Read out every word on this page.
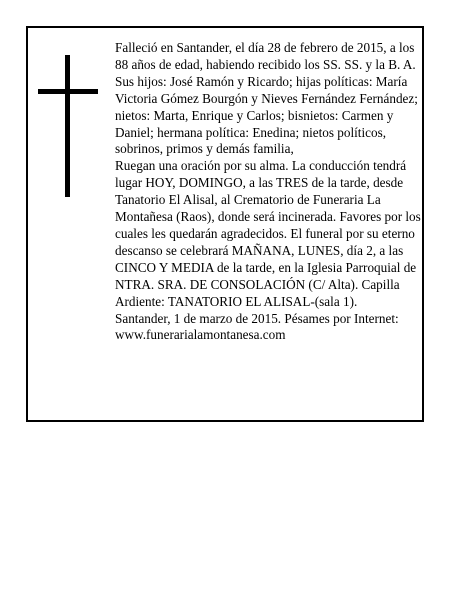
Falleció en Santander, el día 28 de febrero de 2015, a los 88 años de edad, habiendo recibido los SS. SS. y la B. A.

Sus hijos: José Ramón y Ricardo; hijas políticas: María Victoria Gómez Bourgón y Nieves Fernández Fernández; nietos: Marta, Enrique y Carlos; bisnietos: Carmen y Daniel; hermana política: Enedina; nietos políticos, sobrinos, primos y demás familia,

Ruegan una oración por su alma. La conducción tendrá lugar HOY, DOMINGO, a las TRES de la tarde, desde Tanatorio El Alisal, al Crematorio de Funeraria La Montañesa (Raos), donde será incinerada. Favores por los cuales les quedarán agradecidos. El funeral por su eterno descanso se celebrará MAÑANA, LUNES, día 2, a las CINCO Y MEDIA de la tarde, en la Iglesia Parroquial de NTRA. SRA. DE CONSOLACIÓN (C/ Alta). Capilla Ardiente: TANATORIO EL ALISAL-(sala 1).

Santander, 1 de marzo de 2015. Pésames por Internet: www.funerarialamontanesa.com
